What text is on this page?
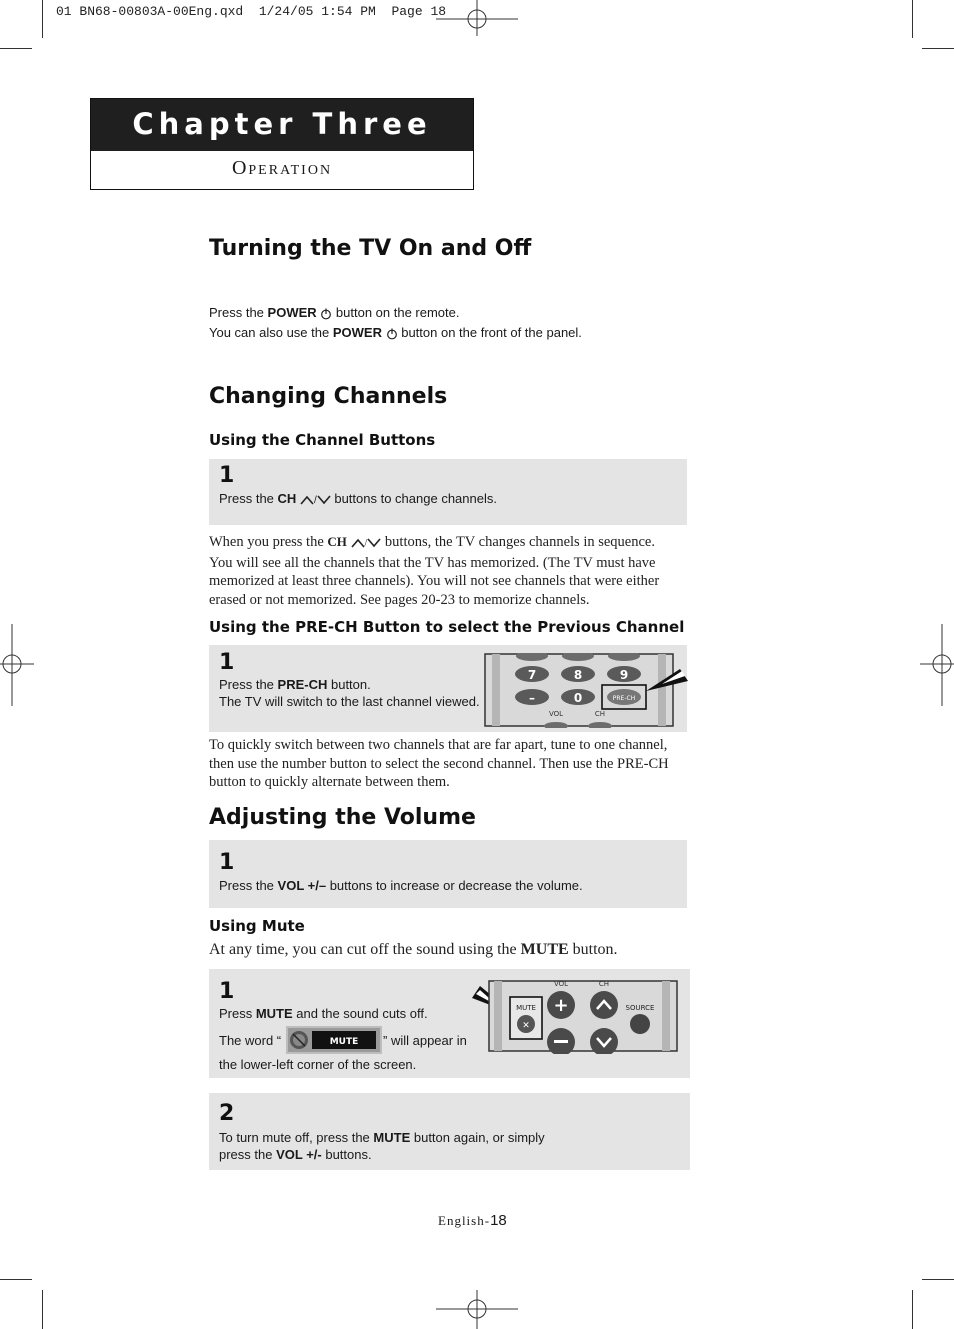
01 BN68-00803A-00Eng.qxd  1/24/05 1:54 PM  Page 18
Chapter Three
OPERATION
Turning the TV On and Off
Press the POWER  button on the remote.
You can also use the POWER  button on the front of the panel.
Changing Channels
Using the Channel Buttons
1
Press the CH / buttons to change channels.
When you press the CH / buttons, the TV changes channels in sequence.
You will see all the channels that the TV has memorized. (The TV must have
memorized at least three channels). You will not see channels that were either
erased or not memorized. See pages 20-23 to memorize channels.
Using the PRE-CH Button to select the Previous Channel
1
Press the PRE-CH button.
The TV will switch to the last channel viewed.
7	8	9
–	0	PRE-CH
VOL	CH
To quickly switch between two channels that are far apart, tune to one channel,
then use the number button to select the second channel. Then use the PRE-CH
button to quickly alternate between them.
Adjusting the Volume
1
Press the VOL +/– buttons to increase or decrease the volume.
Using Mute
At any time, you can cut off the sound using the MUTE button.
1
Press MUTE and the sound cuts off.
The word “	MUTE ” will appear in
the lower-left corner of the screen.
MUTE
✕
VOL	CH
+	SOURCE
2
To turn mute off, press the MUTE button again, or simply
press the VOL +/- buttons.
English-18
